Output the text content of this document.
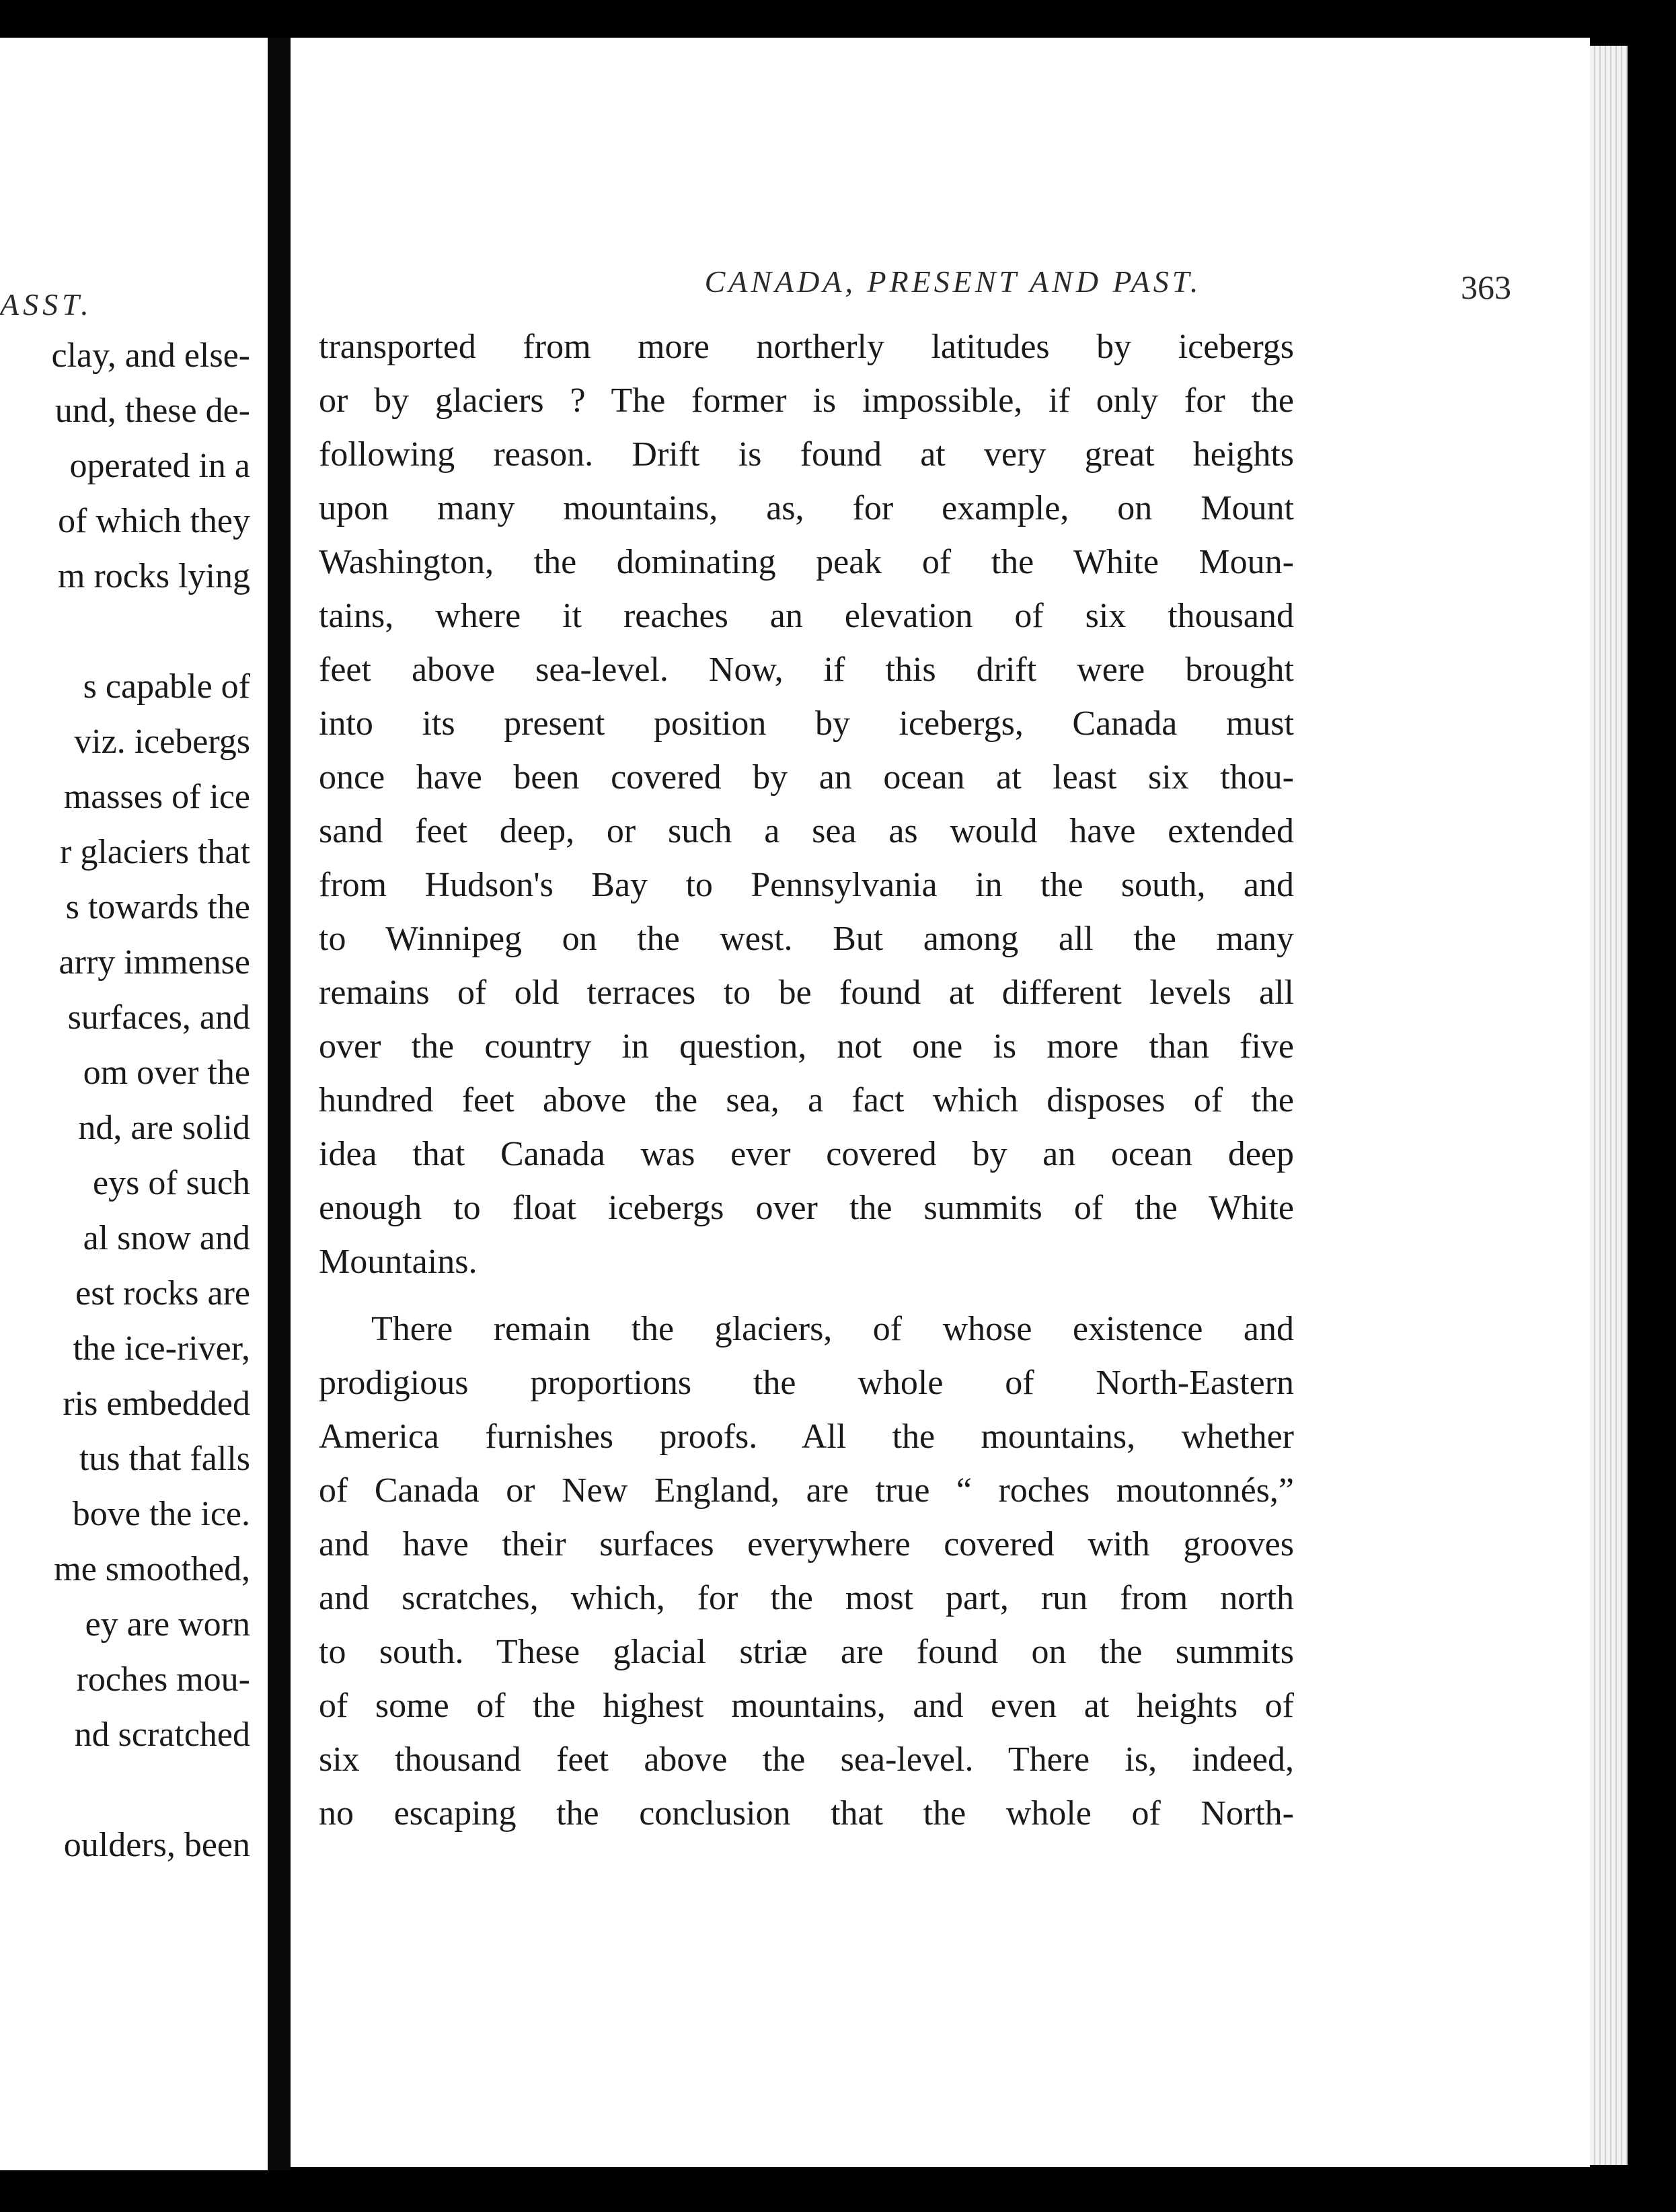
ASST.
clay, and else-
und, these de-
operated in a
of which they
m rocks lying
s capable of
viz. icebergs
masses of ice
r glaciers that
s towards the
arry immense
surfaces, and
om over the
nd, are solid
eys of such
al snow and
est rocks are
the ice-river,
ris embedded
tus that falls
bove the ice.
me smoothed,
ey are worn
roches mou-
nd scratched
oulders, been
CANADA, PRESENT AND PAST.	363

transported from more northerly latitudes by icebergs
or by glaciers ? The former is impossible, if only for the
following reason. Drift is found at very great heights
upon many mountains, as, for example, on Mount
Washington, the dominating peak of the White Moun-
tains, where it reaches an elevation of six thousand
feet above sea-level. Now, if this drift were brought
into its present position by icebergs, Canada must
once have been covered by an ocean at least six thou-
sand feet deep, or such a sea as would have extended
from Hudson's Bay to Pennsylvania in the south, and
to Winnipeg on the west. But among all the many
remains of old terraces to be found at different levels all
over the country in question, not one is more than five
hundred feet above the sea, a fact which disposes of the
idea that Canada was ever covered by an ocean deep
enough to float icebergs over the summits of the White
Mountains.

There remain the glaciers, of whose existence and
prodigious proportions the whole of North-Eastern
America furnishes proofs. All the mountains, whether
of Canada or New England, are true “ roches moutonnés,”
and have their surfaces everywhere covered with grooves
and scratches, which, for the most part, run from north
to south. These glacial striæ are found on the summits
of some of the highest mountains, and even at heights of
six thousand feet above the sea-level. There is, indeed,
no escaping the conclusion that the whole of North-
